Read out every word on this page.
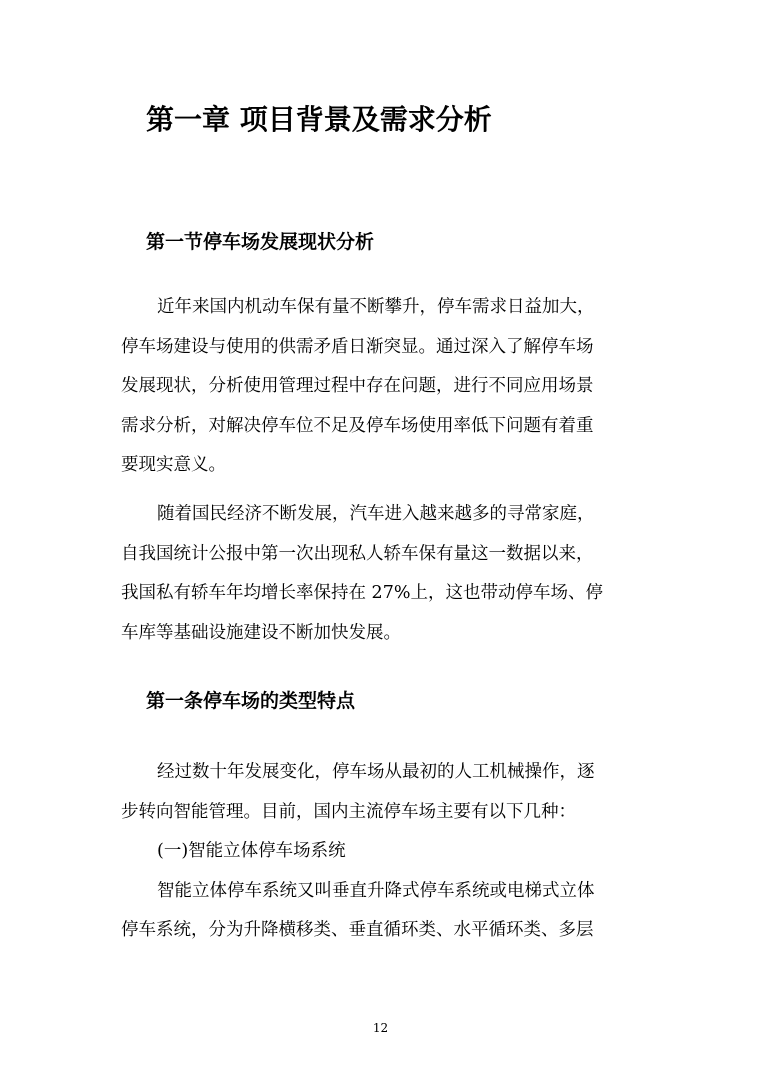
第一章 项目背景及需求分析
第一节停车场发展现状分析
近年来国内机动车保有量不断攀升，停车需求日益加大，
停车场建设与使用的供需矛盾日渐突显。通过深入了解停车场
发展现状，分析使用管理过程中存在问题，进行不同应用场景
需求分析，对解决停车位不足及停车场使用率低下问题有着重
要现实意义。
随着国民经济不断发展，汽车进入越来越多的寻常家庭，
自我国统计公报中第一次出现私人轿车保有量这一数据以来，
我国私有轿车年均增长率保持在 27%上，这也带动停车场、停
车库等基础设施建设不断加快发展。
第一条停车场的类型特点
经过数十年发展变化，停车场从最初的人工机械操作，逐
步转向智能管理。目前，国内主流停车场主要有以下几种：
(一)智能立体停车场系统
智能立体停车系统又叫垂直升降式停车系统或电梯式立体
停车系统，分为升降横移类、垂直循环类、水平循环类、多层
12
